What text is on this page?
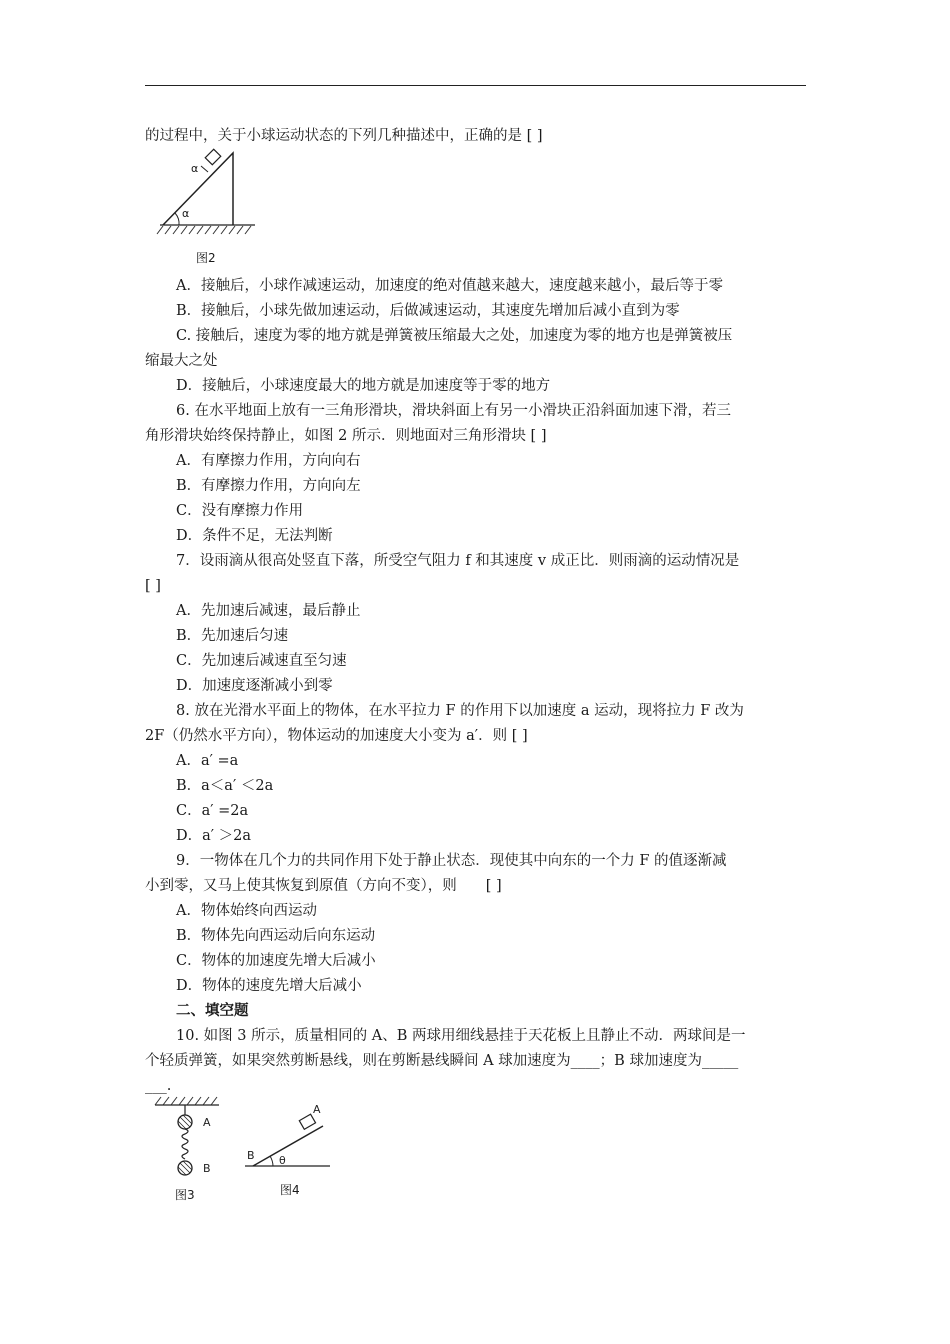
的过程中，关于小球运动状态的下列几种描述中，正确的是 [ ]
α
α
图2
A．接触后，小球作减速运动，加速度的绝对值越来越大，速度越来越小，最后等于零
B．接触后，小球先做加速运动，后做减速运动，其速度先增加后减小直到为零
C. 接触后，速度为零的地方就是弹簧被压缩最大之处，加速度为零的地方也是弹簧被压
缩最大之处
D．接触后，小球速度最大的地方就是加速度等于零的地方
6. 在水平地面上放有一三角形滑块，滑块斜面上有另一小滑块正沿斜面加速下滑，若三
角形滑块始终保持静止，如图 2 所示．则地面对三角形滑块 [ ]
A．有摩擦力作用，方向向右
B．有摩擦力作用，方向向左
C．没有摩擦力作用
D．条件不足，无法判断
7．设雨滴从很高处竖直下落，所受空气阻力 f 和其速度 v 成正比．则雨滴的运动情况是
[ ]
A．先加速后减速，最后静止
B．先加速后匀速
C．先加速后减速直至匀速
D．加速度逐渐减小到零
8. 放在光滑水平面上的物体，在水平拉力 F 的作用下以加速度 a 运动，现将拉力 F 改为
2F（仍然水平方向），物体运动的加速度大小变为 a′．则 [ ]
A．a′ =a
B．a＜a′ ＜2a
C．a′ =2a
D．a′ ＞2a
9．一物体在几个力的共同作用下处于静止状态．现使其中向东的一个力 F 的值逐渐减
小到零，又马上使其恢复到原值（方向不变），则　　[ ]
A．物体始终向西运动
B．物体先向西运动后向东运动
C．物体的加速度先增大后减小
D．物体的速度先增大后减小
二、填空题
10. 如图 3 所示，质量相同的 A、B 两球用细线悬挂于天花板上且静止不动．两球间是一
个轻质弹簧，如果突然剪断悬线，则在剪断悬线瞬间 A 球加速度为____；B 球加速度为_____
___.
A
B
图3
A
B θ
图4
